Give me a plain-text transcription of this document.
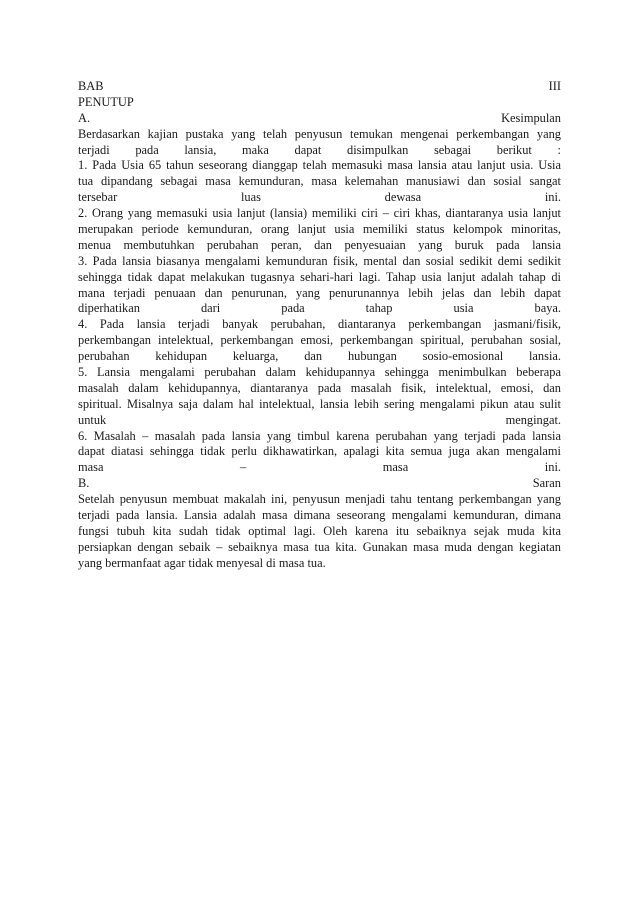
BAB III
PENUTUP
A. Kesimpulan
Berdasarkan kajian pustaka yang telah penyusun temukan mengenai perkembangan yang
terjadi pada lansia, maka dapat disimpulkan sebagai berikut :
1. Pada Usia 65 tahun seseorang dianggap telah memasuki masa lansia atau lanjut usia. Usia
tua dipandang sebagai masa kemunduran, masa kelemahan manusiawi dan sosial sangat
tersebar luas dewasa ini.
2. Orang yang memasuki usia lanjut (lansia) memiliki ciri – ciri khas, diantaranya usia lanjut
merupakan periode kemunduran, orang lanjut usia memiliki status kelompok minoritas,
menua membutuhkan perubahan peran, dan penyesuaian yang buruk pada lansia
3. Pada lansia biasanya mengalami kemunduran fisik, mental dan sosial sedikit demi sedikit
sehingga tidak dapat melakukan tugasnya sehari-hari lagi. Tahap usia lanjut adalah tahap di
mana terjadi penuaan dan penurunan, yang penurunannya lebih jelas dan lebih dapat
diperhatikan dari pada tahap usia baya.
4. Pada lansia terjadi banyak perubahan, diantaranya perkembangan jasmani/fisik,
perkembangan intelektual, perkembangan emosi, perkembangan spiritual, perubahan sosial,
perubahan kehidupan keluarga, dan hubungan sosio-emosional lansia.
5. Lansia mengalami perubahan dalam kehidupannya sehingga menimbulkan beberapa
masalah dalam kehidupannya, diantaranya pada masalah fisik, intelektual, emosi, dan
spiritual. Misalnya saja dalam hal intelektual, lansia lebih sering mengalami pikun atau sulit
untuk mengingat.
6. Masalah – masalah pada lansia yang timbul karena perubahan yang terjadi pada lansia
dapat diatasi sehingga tidak perlu dikhawatirkan, apalagi kita semua juga akan mengalami
masa – masa ini.
B. Saran
Setelah penyusun membuat makalah ini, penyusun menjadi tahu tentang perkembangan yang
terjadi pada lansia. Lansia adalah masa dimana seseorang mengalami kemunduran, dimana
fungsi tubuh kita sudah tidak optimal lagi. Oleh karena itu sebaiknya sejak muda kita
persiapkan dengan sebaik – sebaiknya masa tua kita. Gunakan masa muda dengan kegiatan
yang bermanfaat agar tidak menyesal di masa tua.
